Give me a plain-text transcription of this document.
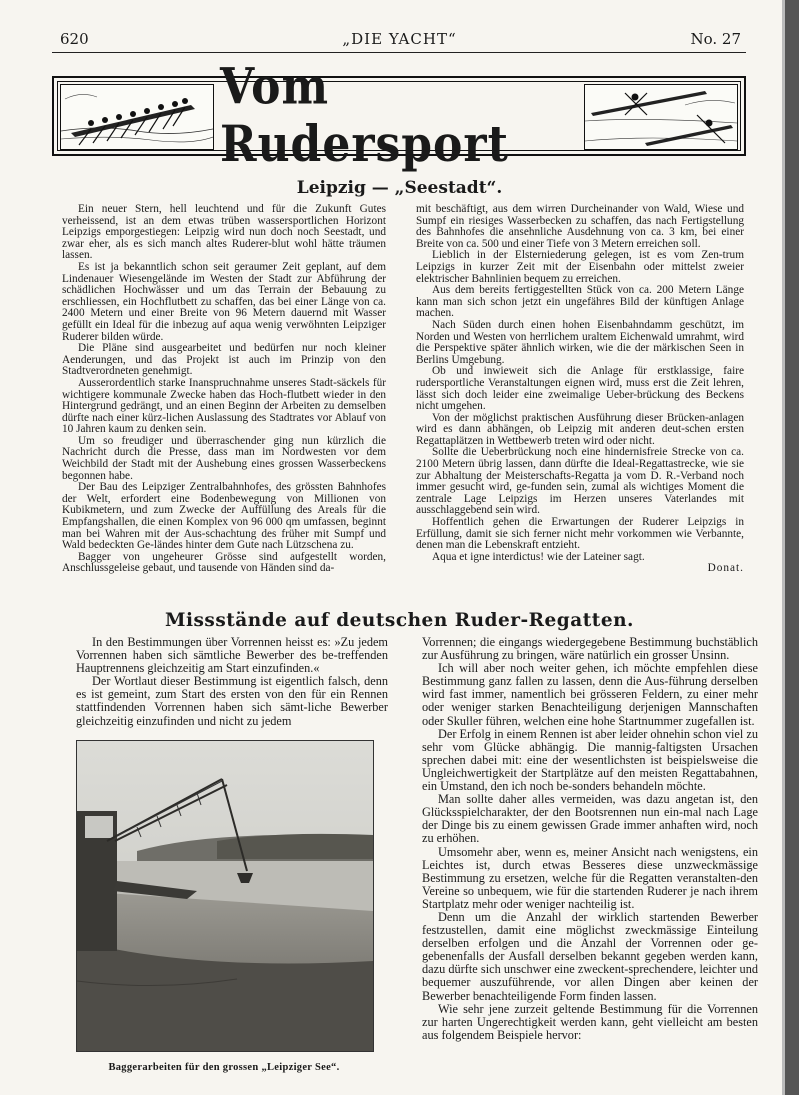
620	„DIE YACHT“	No. 27
Vom Rudersport
Leipzig — „Seestadt“.

Ein neuer Stern, hell leuchtend und für die Zukunft Gutes verheissend, ist an dem etwas trüben wassersportlichen Horizont Leipzigs emporgestiegen: Leipzig wird nun doch noch Seestadt, und zwar eher, als es sich manch altes Ruderer-blut wohl hätte träumen lassen.

Es ist ja bekanntlich schon seit geraumer Zeit geplant, auf dem Lindenauer Wiesengelände im Westen der Stadt zur Abführung der schädlichen Hochwässer und um das Terrain der Bebauung zu erschliessen, ein Hochflutbett zu schaffen, das bei einer Länge von ca. 2400 Metern und einer Breite von 96 Metern dauernd mit Wasser gefüllt ein Ideal für die inbezug auf aqua wenig verwöhnten Leipziger Ruderer bilden würde.

Die Pläne sind ausgearbeitet und bedürfen nur noch kleiner Aenderungen, und das Projekt ist auch im Prinzip von den Stadtverordneten genehmigt.

Ausserordentlich starke Inanspruchnahme unseres Stadt-säckels für wichtigere kommunale Zwecke haben das Hoch-flutbett wieder in den Hintergrund gedrängt, und an einen Beginn der Arbeiten zu demselben dürfte nach einer kürz-lichen Auslassung des Stadtrates vor Ablauf von 10 Jahren kaum zu denken sein.

Um so freudiger und überraschender ging nun kürzlich die Nachricht durch die Presse, dass man im Nordwesten vor dem Weichbild der Stadt mit der Aushebung eines grossen Wasserbeckens begonnen habe.

Der Bau des Leipziger Zentralbahnhofes, des grössten Bahnhofes der Welt, erfordert eine Bodenbewegung von Millionen von Kubikmetern, und zum Zwecke der Auffüllung des Areals für die Empfangshallen, die einen Komplex von 96 000 qm umfassen, beginnt man bei Wahren mit der Aus-schachtung des früher mit Sumpf und Wald bedeckten Ge-ländes hinter dem Gute nach Lützschena zu.

Bagger von ungeheurer Grösse sind aufgestellt worden, Anschlussgeleise gebaut, und tausende von Händen sind da-

mit beschäftigt, aus dem wirren Durcheinander von Wald, Wiese und Sumpf ein riesiges Wasserbecken zu schaffen, das nach Fertigstellung des Bahnhofes die ansehnliche Ausdehnung von ca. 3 km, bei einer Breite von ca. 500 und einer Tiefe von 3 Metern erreichen soll.

Lieblich in der Elsterniederung gelegen, ist es vom Zen-trum Leipzigs in kurzer Zeit mit der Eisenbahn oder mittelst zweier elektrischer Bahnlinien bequem zu erreichen.

Aus dem bereits fertiggestellten Stück von ca. 200 Metern Länge kann man sich schon jetzt ein ungefähres Bild der künftigen Anlage machen.

Nach Süden durch einen hohen Eisenbahndamm geschützt, im Norden und Westen von herrlichem uraltem Eichenwald umrahmt, wird die Perspektive später ähnlich wirken, wie die der märkischen Seen in Berlins Umgebung.

Ob und inwieweit sich die Anlage für erstklassige, faire rudersportliche Veranstaltungen eignen wird, muss erst die Zeit lehren, lässt sich doch leider eine zweimalige Ueber-brückung des Beckens nicht umgehen.

Von der möglichst praktischen Ausführung dieser Brücken-anlagen wird es dann abhängen, ob Leipzig mit anderen deut-schen ersten Regattaplätzen in Wettbewerb treten wird oder nicht.

Sollte die Ueberbrückung noch eine hindernisfreie Strecke von ca. 2100 Metern übrig lassen, dann dürfte die Ideal-Regattastrecke, wie sie zur Abhaltung der Meisterschafts-Regatta ja vom D. R.-Verband noch immer gesucht wird, ge-funden sein, zumal als wichtiges Moment die zentrale Lage Leipzigs im Herzen unseres Vaterlandes mit ausschlaggebend sein wird.

Hoffentlich gehen die Erwartungen der Ruderer Leipzigs in Erfüllung, damit sie sich ferner nicht mehr vorkommen wie Verbannte, denen man die Lebenskraft entzieht.

Aqua et igne interdictus! wie der Lateiner sagt.

Donat.
Missstände auf deutschen Ruder-Regatten.

In den Bestimmungen über Vorrennen heisst es: »Zu jedem Vorrennen haben sich sämtliche Bewerber des be-treffenden Hauptrennens gleichzeitig am Start einzufinden.«

Der Wortlaut dieser Bestimmung ist eigentlich falsch, denn es ist gemeint, zum Start des ersten von den für ein Rennen stattfindenden Vorrennen haben sich sämt-liche Bewerber gleichzeitig einzufinden und nicht zu jedem

Baggerarbeiten für den grossen „Leipziger See“.

Vorrennen; die eingangs wiedergegebene Bestimmung buchstäblich zur Ausführung zu bringen, wäre natürlich ein grosser Unsinn.

Ich will aber noch weiter gehen, ich möchte empfehlen diese Bestimmung ganz fallen zu lassen, denn die Aus-führung derselben wird fast immer, namentlich bei grösseren Feldern, zu einer mehr oder weniger starken Benachteiligung derjenigen Mannschaften oder Skuller führen, welchen eine hohe Startnummer zugefallen ist.

Der Erfolg in einem Rennen ist aber leider ohnehin schon viel zu sehr vom Glücke abhängig. Die mannig-faltigsten Ursachen sprechen dabei mit: eine der wesentlichsten ist beispielsweise die Ungleichwertigkeit der Startplätze auf den meisten Regattabahnen, ein Umstand, den ich noch be-sonders behandeln möchte.

Man sollte daher alles vermeiden, was dazu angetan ist, den Glücksspielcharakter, der den Bootsrennen nun ein-mal nach Lage der Dinge bis zu einem gewissen Grade immer anhaften wird, noch zu erhöhen.

Umsomehr aber, wenn es, meiner Ansicht nach wenigstens, ein Leichtes ist, durch etwas Besseres diese unzweckmässige Bestimmung zu ersetzen, welche für die Regatten veranstalten-den Vereine so unbequem, wie für die startenden Ruderer je nach ihrem Startplatz mehr oder weniger nachteilig ist.

Denn um die Anzahl der wirklich startenden Bewerber festzustellen, damit eine möglichst zweckmässige Einteilung derselben erfolgen und die Anzahl der Vorrennen oder ge-gebenenfalls der Ausfall derselben bekannt gegeben werden kann, dazu dürfte sich unschwer eine zweckent-sprechendere, leichter und bequemer auszuführende, vor allen Dingen aber keinen der Bewerber benachteiligende Form finden lassen.

Wie sehr jene zurzeit geltende Bestimmung für die Vorrennen zur harten Ungerechtigkeit werden kann, geht vielleicht am besten aus folgendem Beispiele hervor:
